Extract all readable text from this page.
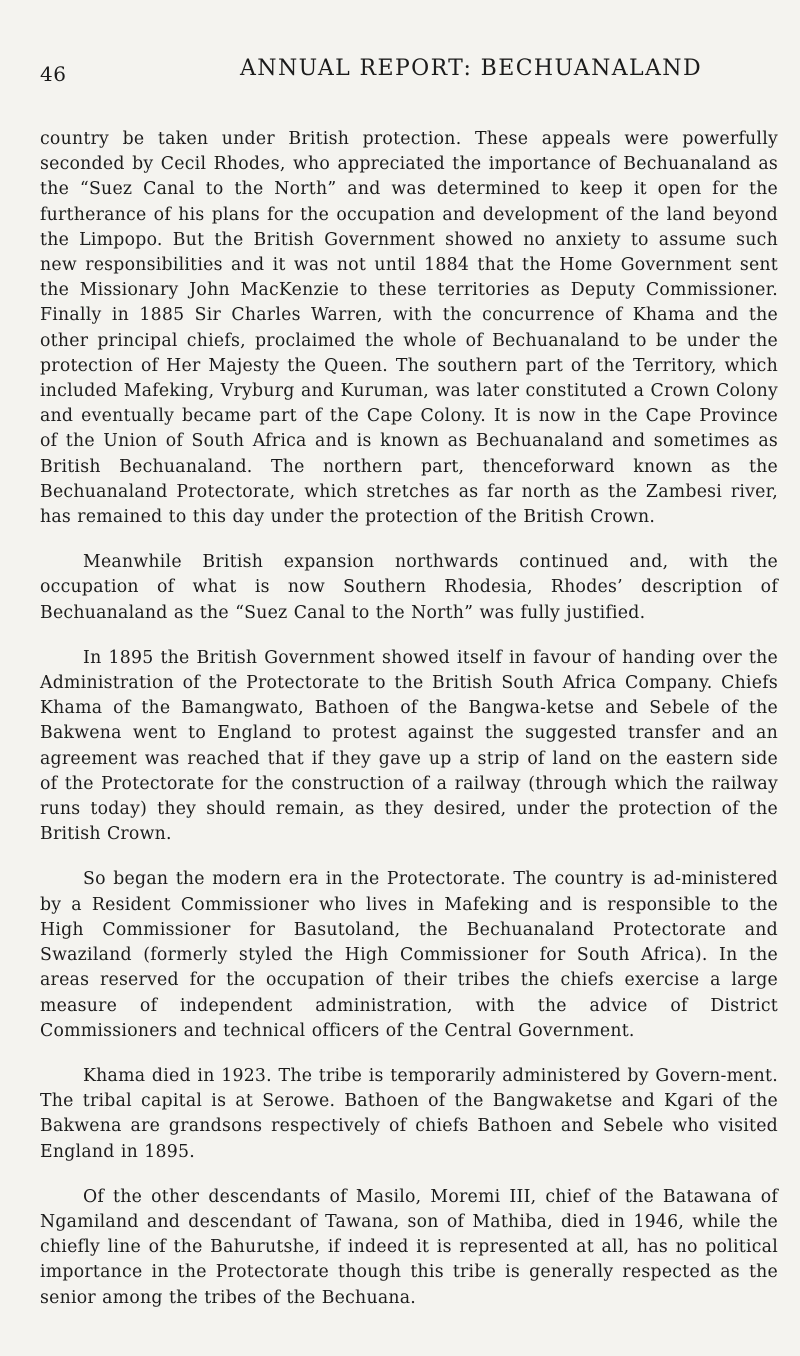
46	ANNUAL REPORT: BECHUANALAND

country be taken under British protection. These appeals were powerfully seconded by Cecil Rhodes, who appreciated the importance of Bechuanaland as the “Suez Canal to the North” and was determined to keep it open for the furtherance of his plans for the occupation and development of the land beyond the Limpopo. But the British Government showed no anxiety to assume such new responsibilities and it was not until 1884 that the Home Government sent the Missionary John MacKenzie to these territories as Deputy Commissioner. Finally in 1885 Sir Charles Warren, with the concurrence of Khama and the other principal chiefs, proclaimed the whole of Bechuanaland to be under the protection of Her Majesty the Queen. The southern part of the Territory, which included Mafeking, Vryburg and Kuruman, was later constituted a Crown Colony and eventually became part of the Cape Colony. It is now in the Cape Province of the Union of South Africa and is known as Bechuanaland and sometimes as British Bechuanaland. The northern part, thenceforward known as the Bechuanaland Protectorate, which stretches as far north as the Zambesi river, has remained to this day under the protection of the British Crown.

Meanwhile British expansion northwards continued and, with the occupation of what is now Southern Rhodesia, Rhodes’ description of Bechuanaland as the “Suez Canal to the North” was fully justified.

In 1895 the British Government showed itself in favour of handing over the Administration of the Protectorate to the British South Africa Company. Chiefs Khama of the Bamangwato, Bathoen of the Bangwa-ketse and Sebele of the Bakwena went to England to protest against the suggested transfer and an agreement was reached that if they gave up a strip of land on the eastern side of the Protectorate for the construction of a railway (through which the railway runs today) they should remain, as they desired, under the protection of the British Crown.

So began the modern era in the Protectorate. The country is ad-ministered by a Resident Commissioner who lives in Mafeking and is responsible to the High Commissioner for Basutoland, the Bechuanaland Protectorate and Swaziland (formerly styled the High Commissioner for South Africa). In the areas reserved for the occupation of their tribes the chiefs exercise a large measure of independent administration, with the advice of District Commissioners and technical officers of the Central Government.

Khama died in 1923. The tribe is temporarily administered by Govern-ment. The tribal capital is at Serowe. Bathoen of the Bangwaketse and Kgari of the Bakwena are grandsons respectively of chiefs Bathoen and Sebele who visited England in 1895.

Of the other descendants of Masilo, Moremi III, chief of the Batawana of Ngamiland and descendant of Tawana, son of Mathiba, died in 1946, while the chiefly line of the Bahurutshe, if indeed it is represented at all, has no political importance in the Protectorate though this tribe is generally respected as the senior among the tribes of the Bechuana.
